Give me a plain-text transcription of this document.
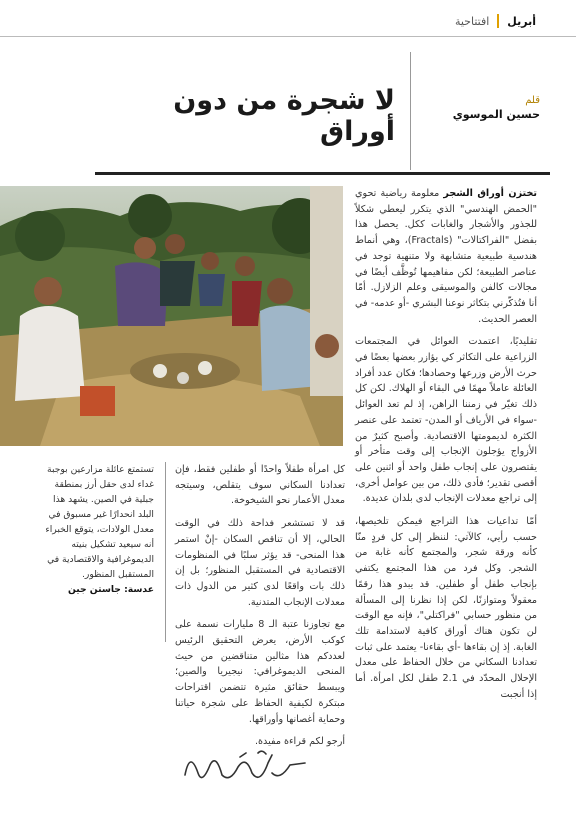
أبريل
افتتاحية
لا شجرة من دون أوراق
قلم
حسين الموسوي

تختزن أوراق الشجر معلومة رياضية تحوي "الحمض الهندسي" الذي يتكرر ليعطي شكلاً للجذور والأشجار والغابات ككل. يحصل هذا بفضل "الفراكتالات" (Fractals)، وهي أنماط هندسية طبيعية متشابهة ولا متنهية توجد في عناصر الطبيعة؛ لكن مفاهيمها تُوظَّف أيضًا في مجالات كالفن والموسيقى وعلم الزلازل. أمّا أنا فتُذكّرني بتكاثر نوعنا البشري -أو عدمه- في العصر الحديث.

تقليديًا، اعتمدت العوائل في المجتمعات الزراعية على التكاثر كي يؤازر بعضها بعضًا في حرث الأرض وزرعها وحصادها؛ فكان عدد أفراد العائلة عاملاً مهمًا في البقاء أو الهلاك. لكن كل ذلك تغيّر في زمننا الراهن، إذ لم تعد العوائل -سواء في الأرياف أو المدن- تعتمد على عنصر الكثرة لديمومتها الاقتصادية. وأصبح كثيرٌ من الأزواج يؤجلون الإنجاب إلى وقت متأخر أو يقتصرون على إنجاب طفل واحد أو اثنين على أقصى تقدير؛ فأدى ذلك، من بين عوامل أخرى، إلى تراجع معدلات الإنجاب لدى بلدان عديدة.

أمّا تداعيات هذا التراجع فيمكن تلخيصها، حسب رأيي، كالآتي: لننظر إلى كل فردٍ منّا كأنه ورقة شجر، والمجتمع كأنه غابة من الشجر. وكل فرد من هذا المجتمع يكتفي بإنجاب طفل أو طفلين. قد يبدو هذا رقمًا معقولاً ومتوازنًا، لكن إذا نظرنا إلى المسألة من منظور حسابي "فراكتلي"، فإنه مع الوقت لن تكون هناك أوراق كافية لاستدامة تلك الغابة. إذ إن بقاءها -أي بقاءنا- يعتمد على ثبات تعدادنا السكاني من خلال الحفاظ على معدل الإحلال المحدّد في 2.1 طفل لكل امرأة. أما إذا أنجبت

كل امرأة طفلاً واحدًا أو طفلين فقط، فإن تعدادنا السكاني سوف يتقلص، وسيتجه معدل الأعمار نحو الشيخوخة.

قد لا تستشعر فداحة ذلك في الوقت الحالي، إلا أن تناقص السكان -إنْ استمر هذا المنحى- قد يؤثر سلبًا في المنظومات الاقتصادية في المستقبل المنظور؛ بل إن ذلك بات واقعًا لدى كثير من الدول ذات معدلات الإنجاب المتدنية.

مع تجاوزنا عتبة الـ 8 مليارات نسمة على كوكب الأرض، يعرض التحقيق الرئيس لعددكم هذا مثالين متناقضين من حيث المنحى الديموغرافي: نيجيريا والصين؛ ويبسط حقائق مثيرة تتضمن اقتراحات مبتكرة لكيفية الحفاظ على شجرة حياتنا وحماية أغصانها وأوراقها.

أرجو لكم قراءة مفيدة.

تستمتع عائلة مزارعين بوجبة غداء لدى حقل أرز بمنطقة جبلية في الصين. يشهد هذا البلد انحدارًا غير مسبوق في معدل الولادات، يتوقع الخبراء أنه سيعيد تشكيل بنيته الديموغرافية والاقتصادية في المستقبل المنظور.
عدسة: جاستن جين
